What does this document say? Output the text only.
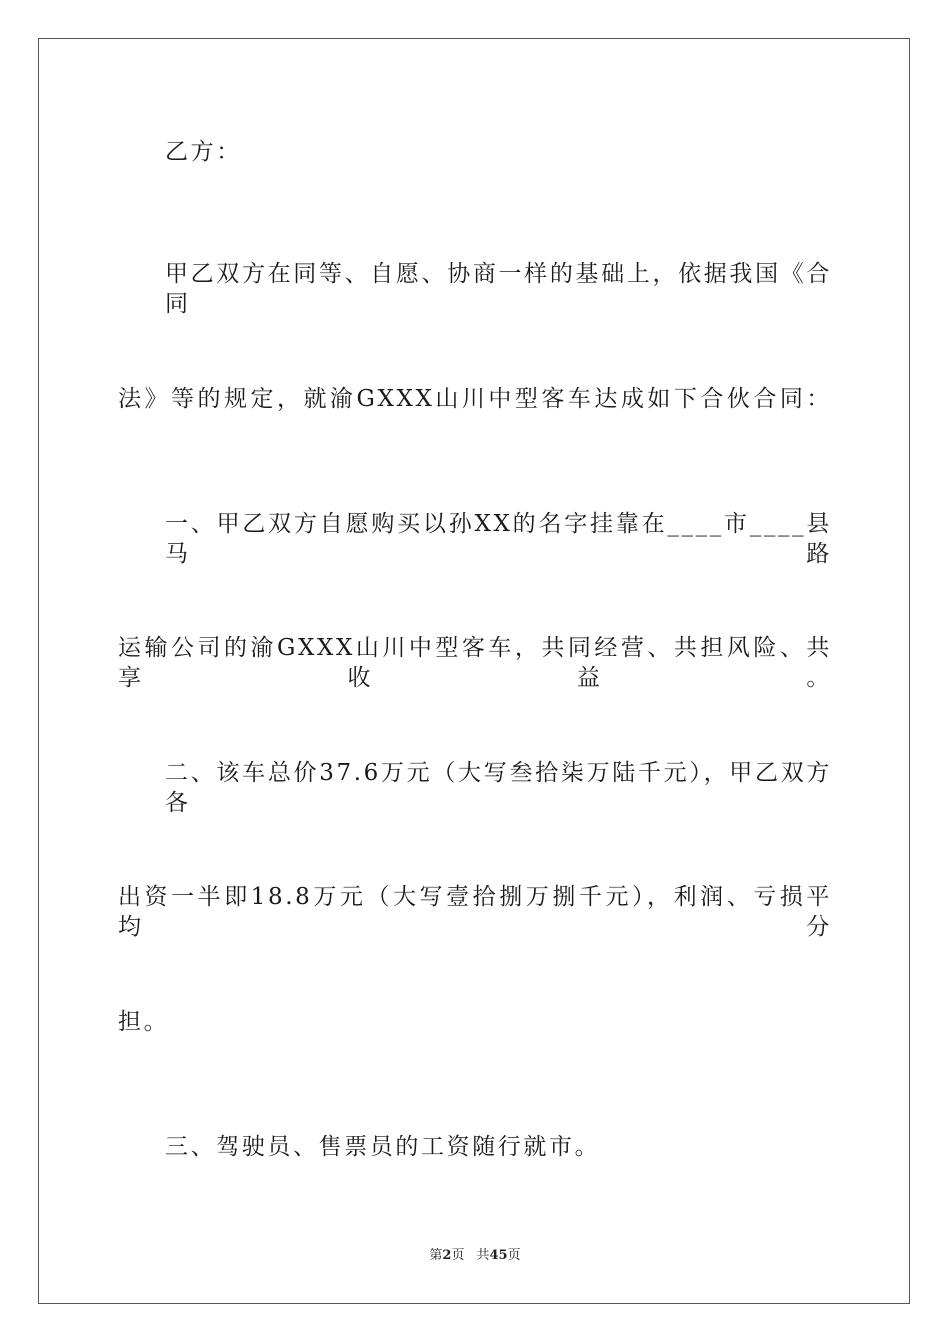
乙方：
甲乙双方在同等、自愿、协商一样的基础上，依据我国《合同
法》等的规定，就渝GXXX山川中型客车达成如下合伙合同：
一、甲乙双方自愿购买以孙XX的名字挂靠在____市____县马路
运输公司的渝GXXX山川中型客车，共同经营、共担风险、共享收益。
二、该车总价37.6万元（大写叁拾柒万陆千元），甲乙双方各
出资一半即18.8万元（大写壹拾捌万捌千元），利润、亏损平均分
担。
三、驾驶员、售票员的工资随行就市。
第2页 共45页
